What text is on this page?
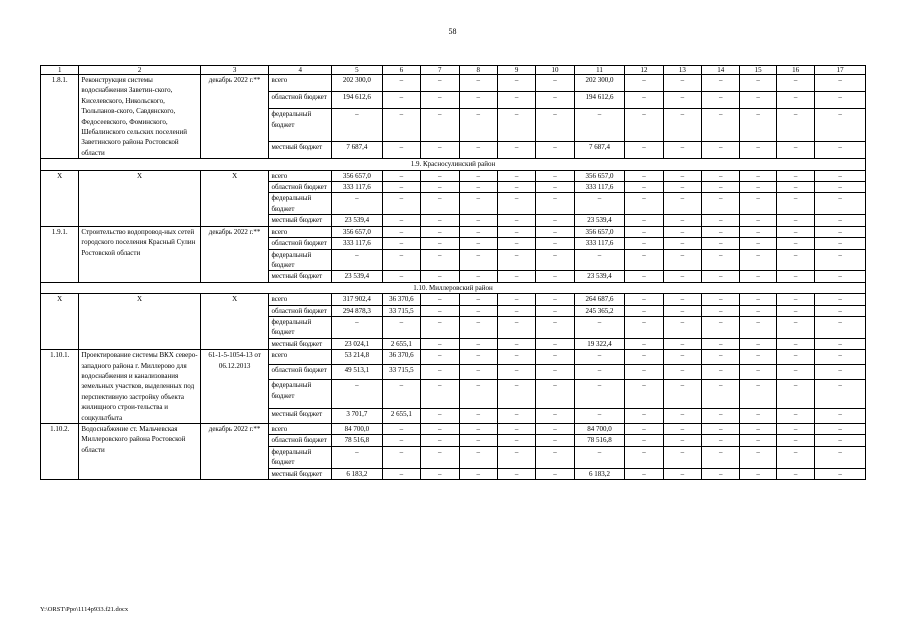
58
1	2	3	4	5	6	7	8	9	10	11	12	13	14	15	16	17
1.8.1.	Реконструкция системы водоснабжения Заветин-ского, Киселевского, Никольского, Тюльпанов-ского, Савдянского, Федосеевского, Фоминского, Шебалинского сельских поселений Заветинского района Ростовской области	декабрь 2022 г.**	всего	202 300,0	–	–	–	–	–	202 300,0	–	–	–	–	–	–
			областной бюджет	194 612,6	–	–	–	–	–	194 612,6	–	–	–	–	–	–
			федеральный бюджет	–	–	–	–	–	–	–	–	–	–	–	–	–
			местный бюджет	7 687,4	–	–	–	–	–	7 687,4	–	–	–	–	–	–
1.9. Красносулинский район																
X	X	X	всего	356 657,0	–	–	–	–	–	356 657,0	–	–	–	–	–	–
			областной бюджет	333 117,6	–	–	–	–	–	333 117,6	–	–	–	–	–	–
			федеральный бюджет	–	–	–	–	–	–	–	–	–	–	–	–	–
			местный бюджет	23 539,4	–	–	–	–	–	23 539,4	–	–	–	–	–	–
1.9.1.	Строительство водопровод-ных сетей городского поселения Красный Сулин Ростовской области	декабрь 2022 г.**	всего	356 657,0	–	–	–	–	–	356 657,0	–	–	–	–	–	–
			областной бюджет	333 117,6	–	–	–	–	–	333 117,6	–	–	–	–	–	–
			федеральный бюджет	–	–	–	–	–	–	–	–	–	–	–	–	–
			местный бюджет	23 539,4	–	–	–	–	–	23 539,4	–	–	–	–	–	–
1.10. Миллеровский район																
X	X	X	всего	317 902,4	36 370,6	–	–	–	–	264 687,6	–	–	–	–	–	–
			областной бюджет	294 878,3	33 715,5	–	–	–	–	245 365,2	–	–	–	–	–	–
			федеральный бюджет	–	–	–	–	–	–	–	–	–	–	–	–	–
			местный бюджет	23 024,1	2 655,1	–	–	–	–	19 322,4	–	–	–	–	–	–
1.10.1.	Проектирование системы ВКХ северо-западного района г. Миллерово для водоснабжения и канализования земельных участков, выделенных под перспективную застройку объекта жилищного строи-тельства и соцкультбыта	61-1-5-1054-13 от 06.12.2013	всего	53 214,8	36 370,6	–	–	–	–	–	–	–	–	–	–	–
			областной бюджет	49 513,1	33 715,5	–	–	–	–	–	–	–	–	–	–	–
			федеральный бюджет	–	–	–	–	–	–	–	–	–	–	–	–	–
			местный бюджет	3 701,7	2 655,1	–	–	–	–	–	–	–	–	–	–	–
1.10.2.	Водоснабжение ст. Мальчевская Миллеровского района Ростовской области	декабрь 2022 г.**	всего	84 700,0	–	–	–	–	–	84 700,0	–	–	–	–	–	–
			областной бюджет	78 516,8	–	–	–	–	–	78 516,8	–	–	–	–	–	–
			федеральный бюджет	–	–	–	–	–	–	–	–	–	–	–	–	–
			местный бюджет	6 183,2	–	–	–	–	–	6 183,2	–	–	–	–	–	–
Y:\ORST\Ppo\1114p933.f21.docx
